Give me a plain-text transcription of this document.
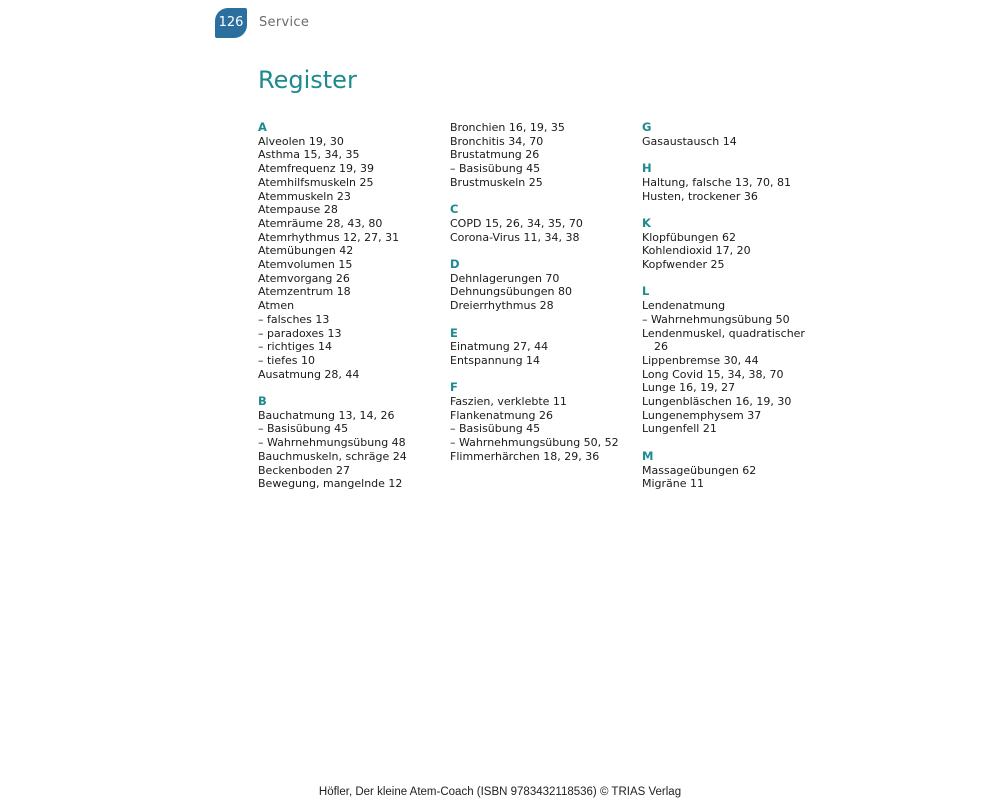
126 Service
Register
A
Alveolen 19, 30
Asthma 15, 34, 35
Atemfrequenz 19, 39
Atemhilfsmuskeln 25
Atemmuskeln 23
Atempause 28
Atemräume 28, 43, 80
Atemrhythmus 12, 27, 31
Atemübungen 42
Atemvolumen 15
Atemvorgang 26
Atemzentrum 18
Atmen
– falsches 13
– paradoxes 13
– richtiges 14
– tiefes 10
Ausatmung 28, 44
B
Bauchatmung 13, 14, 26
– Basisübung 45
– Wahrnehmungsübung 48
Bauchmuskeln, schräge 24
Beckenboden 27
Bewegung, mangelnde 12
Bronchien 16, 19, 35
Bronchitis 34, 70
Brustatmung 26
– Basisübung 45
Brustmuskeln 25
C
COPD 15, 26, 34, 35, 70
Corona-Virus 11, 34, 38
D
Dehnlagerungen 70
Dehnungsübungen 80
Dreierrhythmus 28
E
Einatmung 27, 44
Entspannung 14
F
Faszien, verklebte 11
Flankenatmung 26
– Basisübung 45
– Wahrnehmungsübung 50, 52
Flimmerhärchen 18, 29, 36
G
Gasaustausch 14
H
Haltung, falsche 13, 70, 81
Husten, trockener 36
K
Klopfübungen 62
Kohlendioxid 17, 20
Kopfwender 25
L
Lendenatmung
– Wahrnehmungsübung 50
Lendenmuskel, quadratischer 26
Lippenbremse 30, 44
Long Covid 15, 34, 38, 70
Lunge 16, 19, 27
Lungenbläschen 16, 19, 30
Lungenemphysem 37
Lungenfell 21
M
Massageübungen 62
Migräne 11
Höfler, Der kleine Atem-Coach (ISBN 9783432118536) © TRIAS Verlag
